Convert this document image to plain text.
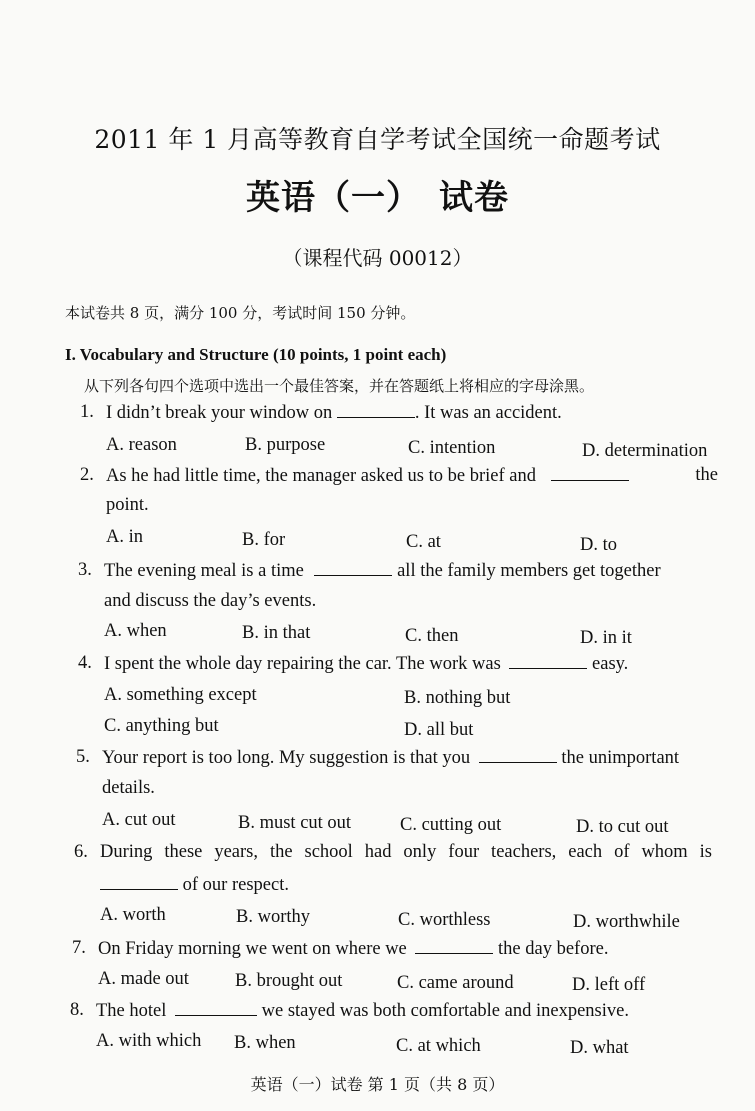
2011 年 1 月高等教育自学考试全国统一命题考试
英语（一）　试卷
（课程代码 00012）
本试卷共 8 页，满分 100 分，考试时间 150 分钟。
I. Vocabulary and Structure (10 points, 1 point each)
从下列各句四个选项中选出一个最佳答案，并在答题纸上将相应的字母涂黑。
1. I didn’t break your window on	. It was an accident.
A. reason	B. purpose	C. intention	D. determination
2. As he had little time, the manager asked us to be brief and	the
point.
A. in	B. for	C. at	D. to
3. The evening meal is a time	all the family members get together
and discuss the day’s events.
A. when	B. in that	C. then	D. in it
4. I spent the whole day repairing the car. The work was	easy.
A. something except	B. nothing but
C. anything but	D. all but
5. Your report is too long. My suggestion is that you	the unimportant
details.
A. cut out	B. must cut out	C. cutting out	D. to cut out
6. During these years, the school had only four teachers, each of whom is
of our respect.
A. worth	B. worthy	C. worthless	D. worthwhile
7. On Friday morning we went on where we	the day before.
A. made out B. brought out	C. came around	D. left off
8. The hotel	we stayed was both comfortable and inexpensive.
A. with which B. when	C. at which	D. what
英语（一）试卷 第 1 页（共 8 页）
